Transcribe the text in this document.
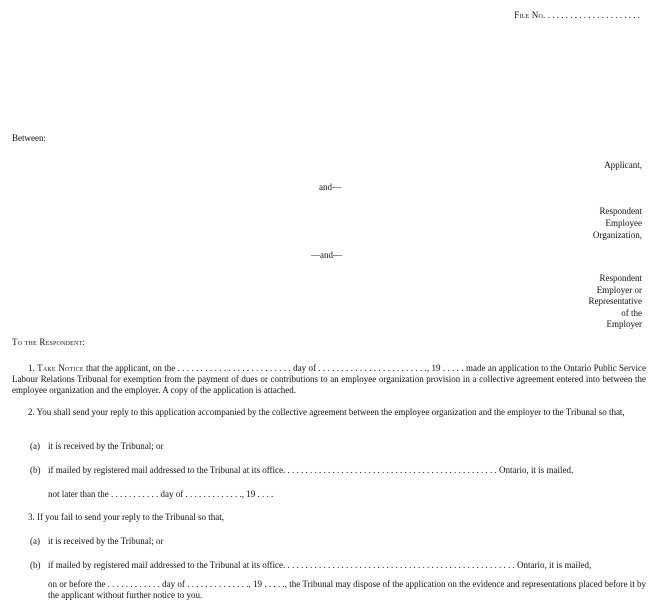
File No. . . . . . . . . . . . . . . . . . . . . .
Between:
Applicant,
and—
Respondent
Employee
Organization,
—and—
Respondent
Employer or
Representative
of the
Employer
To the Respondent:
1. Take Notice that the applicant, on the . . . . . . . . . . . . . . . . . . . . . . . . . day of . . . . . . . . . . . . . . . . . . . . . . . ., 19 . . . . . made an application to the Ontario Public Service Labour Relations Tribunal for exemption from the payment of dues or contributions to an employee organization provision in a collective agreement entered into between the employee organization and the employer. A copy of the application is attached.
2. You shall send your reply to this application accompanied by the collective agreement between the employee organization and the employer to the Tribunal so that,
(a) it is received by the Tribunal; or
(b) if mailed by registered mail addressed to the Tribunal at its office. . . . . . . . . . . . . . . . . . . . . . . . . . . . . . . . . . . . . . . . . . . . . . . . Ontario, it is mailed,
not later than the . . . . . . . . . . . day of . . . . . . . . . . . . ., 19 . . . .
3. If you fail to send your reply to the Tribunal so that,
(a) it is received by the Tribunal; or
(b) if mailed by registered mail addressed to the Tribunal at its office. . . . . . . . . . . . . . . . . . . . . . . . . . . . . . . . . . . . . . . . . . . . . . . . . . . . Ontario, it is mailed,
on or before the . . . . . . . . . . . . day of . . . . . . . . . . . . . ., 19 . . . . ., the Tribunal may dispose of the application on the evidence and representations placed before it by the applicant without further notice to you.
